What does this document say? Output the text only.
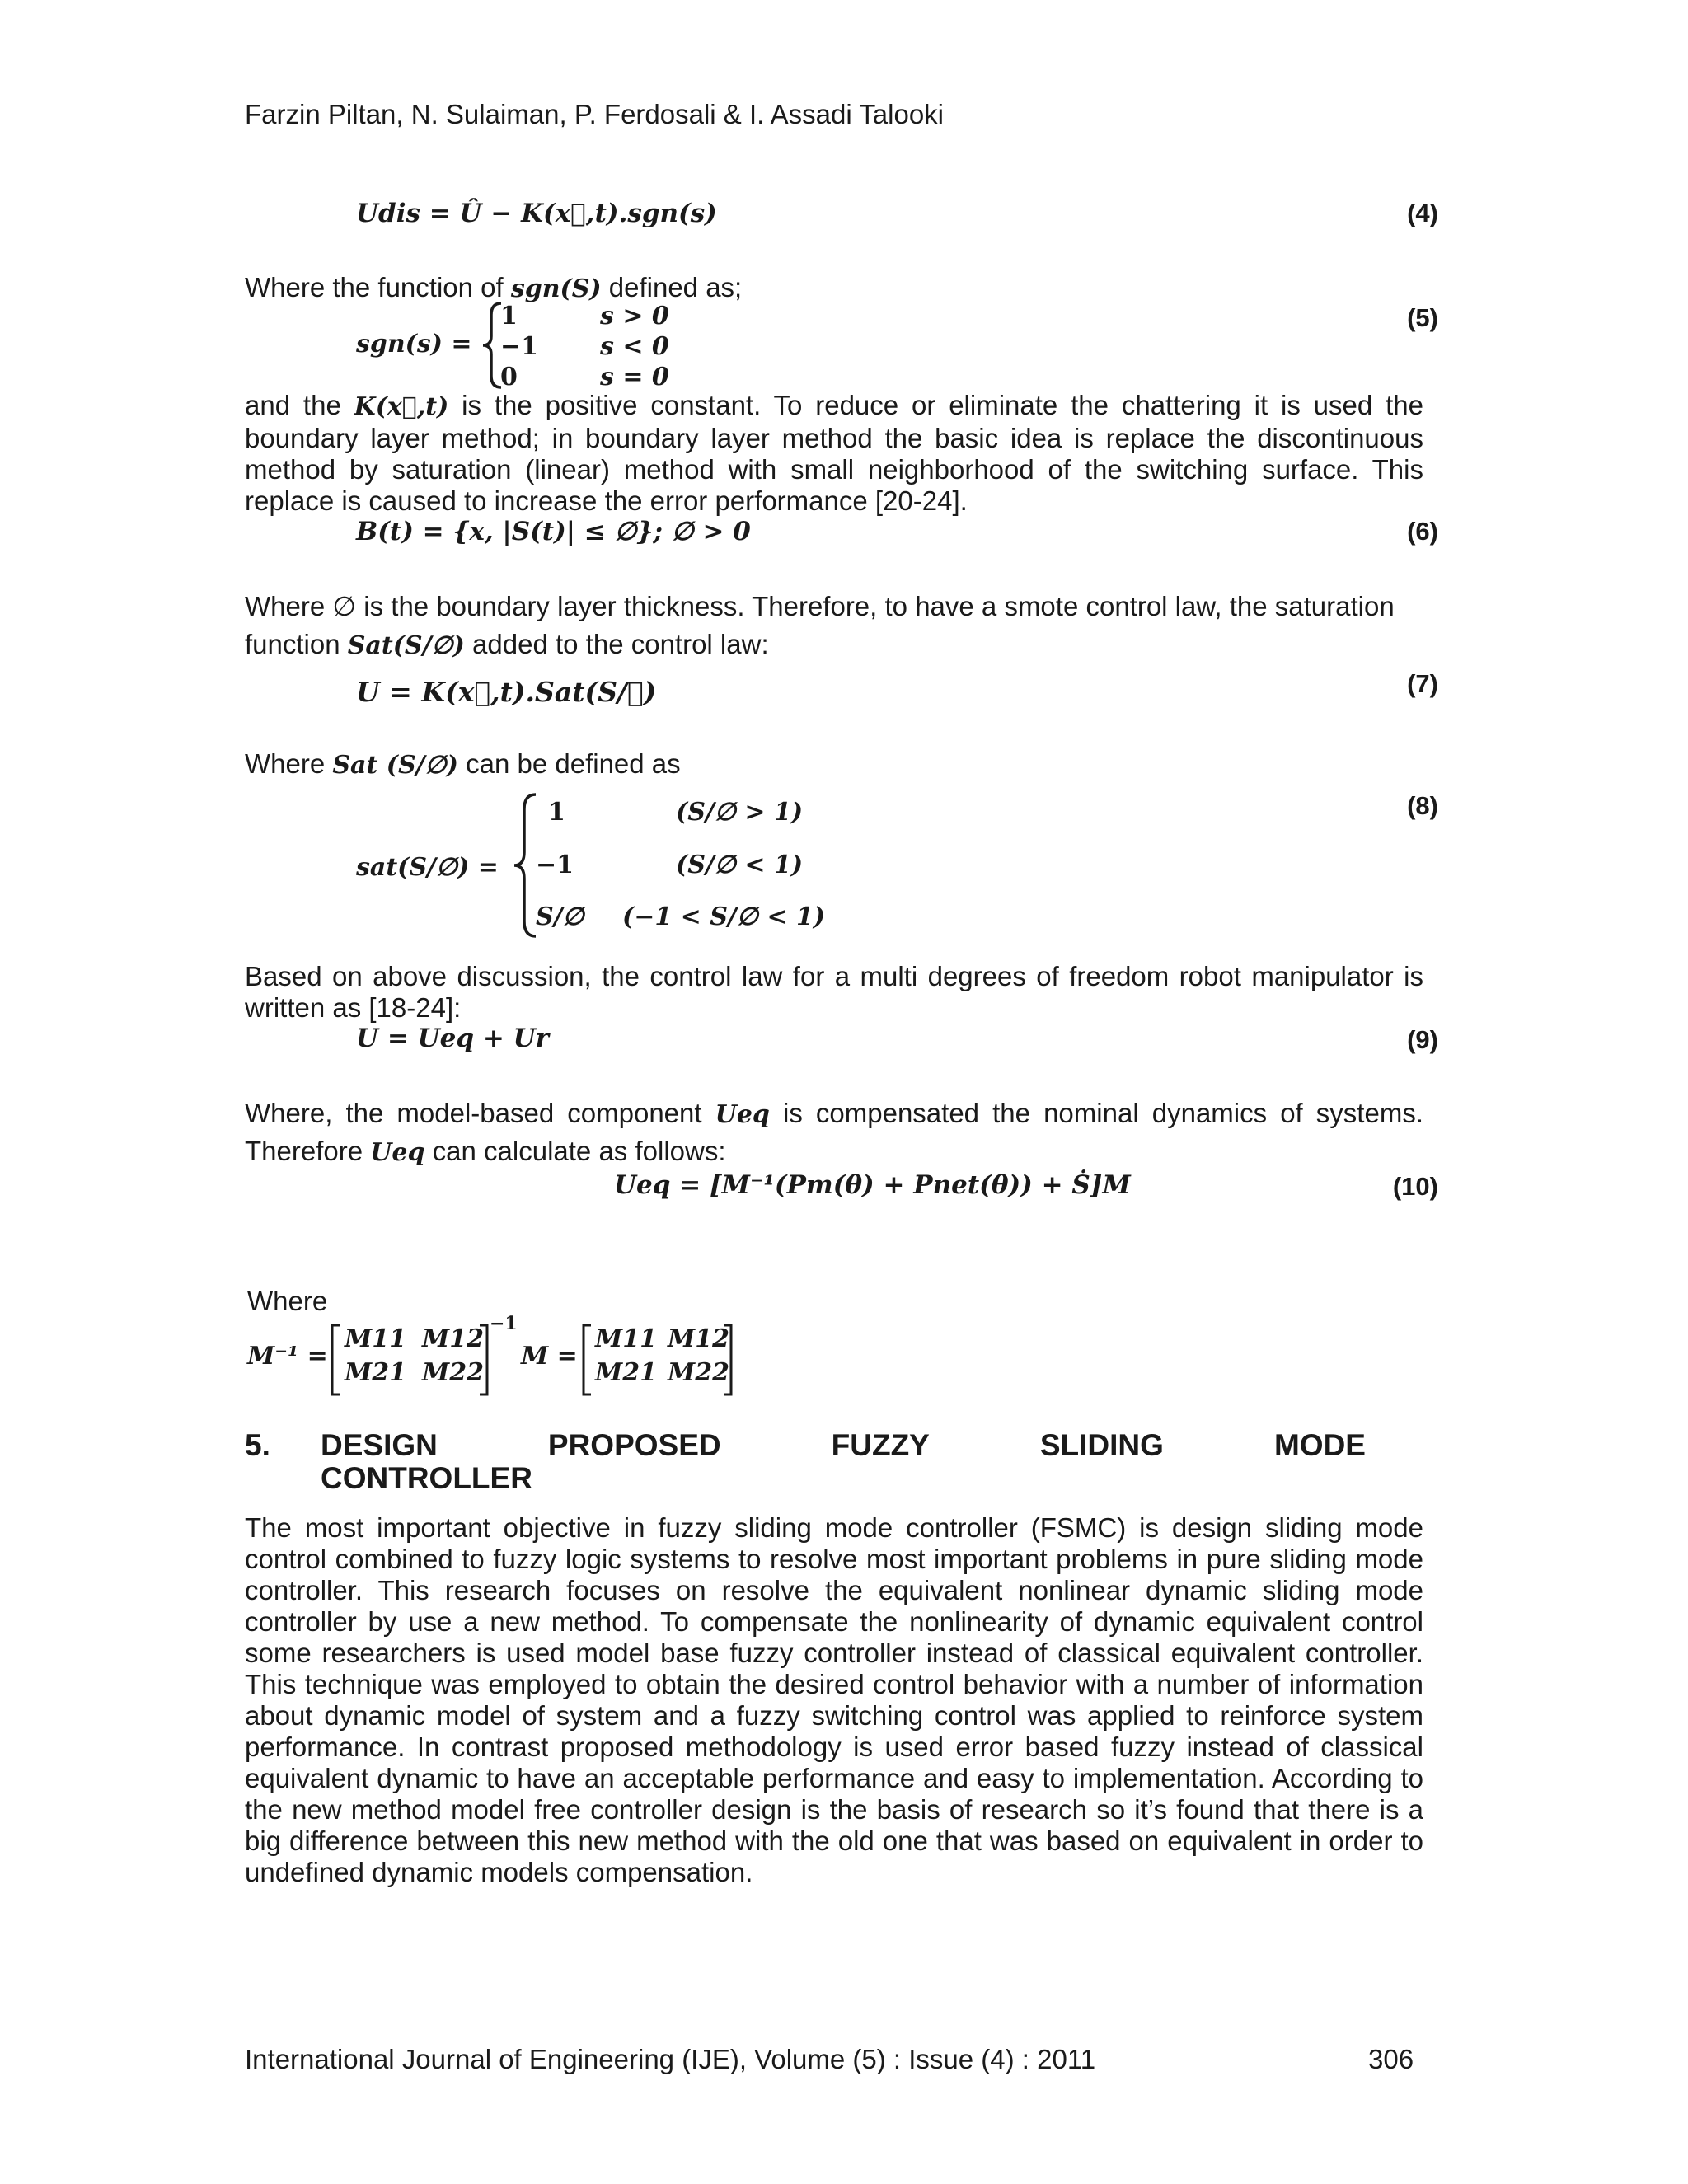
Farzin Piltan, N. Sulaiman, P. Ferdosali & I. Assadi Talooki
Udis = Û − K(x⃗,t).sgn(s)	(4)
Where the function of sgn(S) defined as;
sgn(s) =
1
−1
0
s > 0
s < 0
s = 0
(5)
and the K(x⃗,t) is the positive constant. To reduce or eliminate the chattering it is used the
boundary layer method; in boundary layer method the basic idea is replace the discontinuous method by saturation (linear) method with small neighborhood of the switching surface. This replace is caused to increase the error performance [20-24].
B(t) = {x, |S(t)| ≤ ∅}; ∅ > 0	(6)
Where ∅ is the boundary layer thickness. Therefore, to have a smote control law, the saturation
function Sat(S/∅) added to the control law:
U = K(x⃗,t).Sat(S/∅)	(7)
Where Sat (S/∅) can be defined as
sat(S/∅) =
1
−1
S/∅
(S/∅ > 1)
(S/∅ < 1)
(−1 < S/∅ < 1)
(8)
Based on above discussion, the control law for a multi degrees of freedom robot manipulator is written as [18-24]:
U = Ueq + Ur	(9)
Where, the model-based component Ueq is compensated the nominal dynamics of systems.
Therefore Ueq can calculate as follows:
Ueq = [M⁻¹(Pm(θ) + Pnet(θ)) + Ṡ]M	(10)
Where
M⁻¹ =
M11 M12
M21 M22
−1
M =
M11 M12
M21 M22
5.	DESIGN	PROPOSED	FUZZY	SLIDING	MODE
CONTROLLER
The most important objective in fuzzy sliding mode controller (FSMC) is design sliding mode control combined to fuzzy logic systems to resolve most important problems in pure sliding mode controller. This research focuses on resolve the equivalent nonlinear dynamic sliding mode controller by use a new method. To compensate the nonlinearity of dynamic equivalent control some researchers is used model base fuzzy controller instead of classical equivalent controller. This technique was employed to obtain the desired control behavior with a number of information about dynamic model of system and a fuzzy switching control was applied to reinforce system performance. In contrast proposed methodology is used error based fuzzy instead of classical equivalent dynamic to have an acceptable performance and easy to implementation. According to the new method model free controller design is the basis of research so it’s found that there is a big difference between this new method with the old one that was based on equivalent in order to undefined dynamic models compensation.
International Journal of Engineering (IJE), Volume (5) : Issue (4) : 2011	306
